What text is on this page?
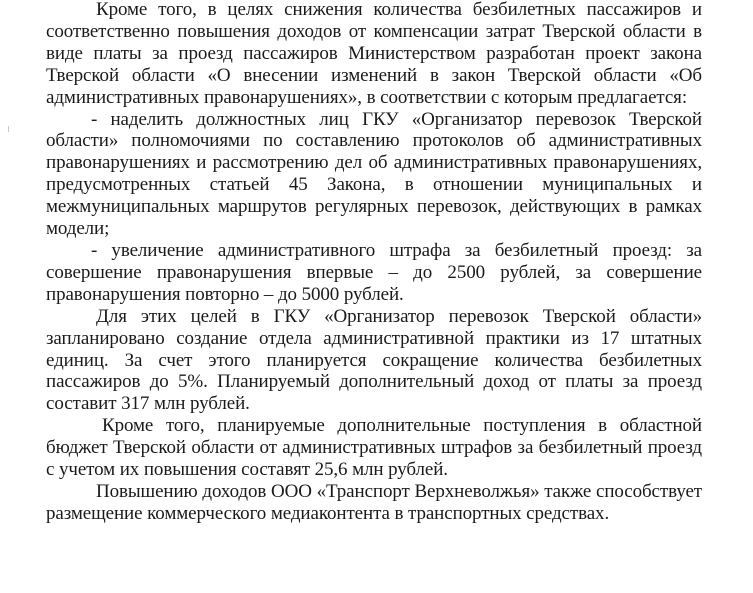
Кроме того, в целях снижения количества безбилетных пассажиров и соответственно повышения доходов от компенсации затрат Тверской области в виде платы за проезд пассажиров Министерством разработан проект закона Тверской области «О внесении изменений в закон Тверской области «Об административных правонарушениях», в соответствии с которым предлагается:

- наделить должностных лиц ГКУ «Организатор перевозок Тверской области» полномочиями по составлению протоколов об административных правонарушениях и рассмотрению дел об административных правонарушениях, предусмотренных статьей 45 Закона, в отношении муниципальных и межмуниципальных маршрутов регулярных перевозок, действующих в рамках модели;

- увеличение административного штрафа за безбилетный проезд: за совершение правонарушения впервые – до 2500 рублей, за совершение правонарушения повторно – до 5000 рублей.

Для этих целей в ГКУ «Организатор перевозок Тверской области» запланировано создание отдела административной практики из 17 штатных единиц. За счет этого планируется сокращение количества безбилетных пассажиров до 5%. Планируемый дополнительный доход от платы за проезд составит 317 млн рублей.

Кроме того, планируемые дополнительные поступления в областной бюджет Тверской области от административных штрафов за безбилетный проезд с учетом их повышения составят 25,6 млн рублей.

Повышению доходов ООО «Транспорт Верхневолжья» также способствует размещение коммерческого медиаконтента в транспортных средствах.
